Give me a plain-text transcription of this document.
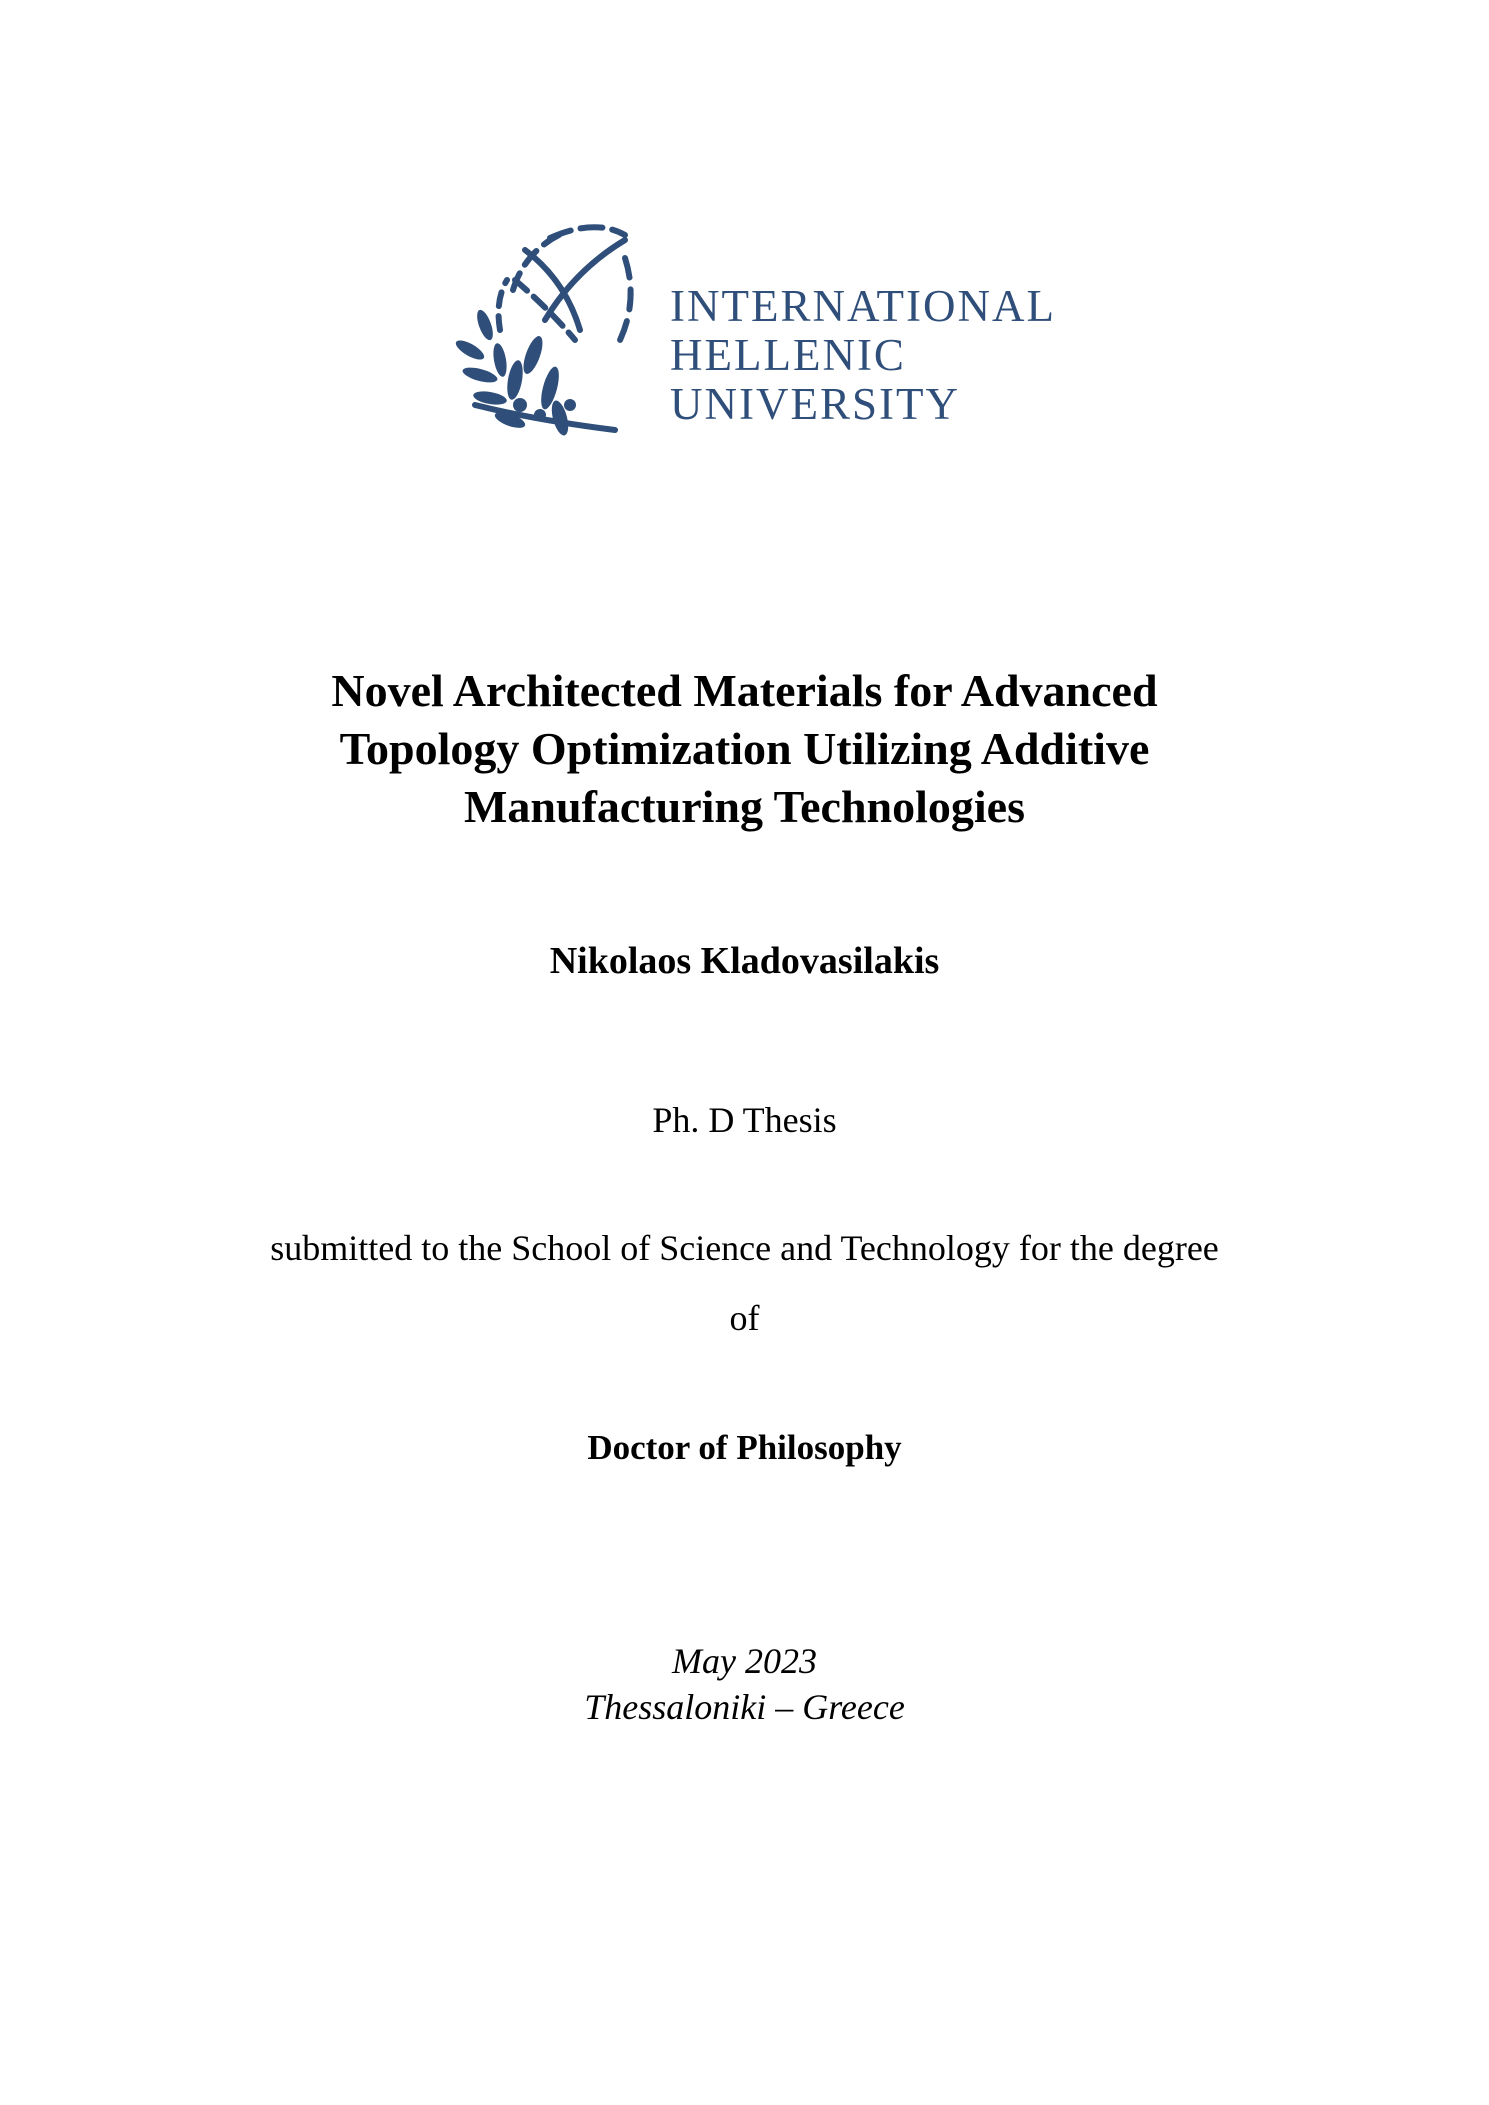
INTERNATIONAL
HELLENIC
UNIVERSITY
Novel Architected Materials for Advanced
Topology Optimization Utilizing Additive
Manufacturing Technologies
Nikolaos Kladovasilakis
Ph. D Thesis
submitted to the School of Science and Technology for the degree
of
Doctor of Philosophy
May 2023
Thessaloniki – Greece
